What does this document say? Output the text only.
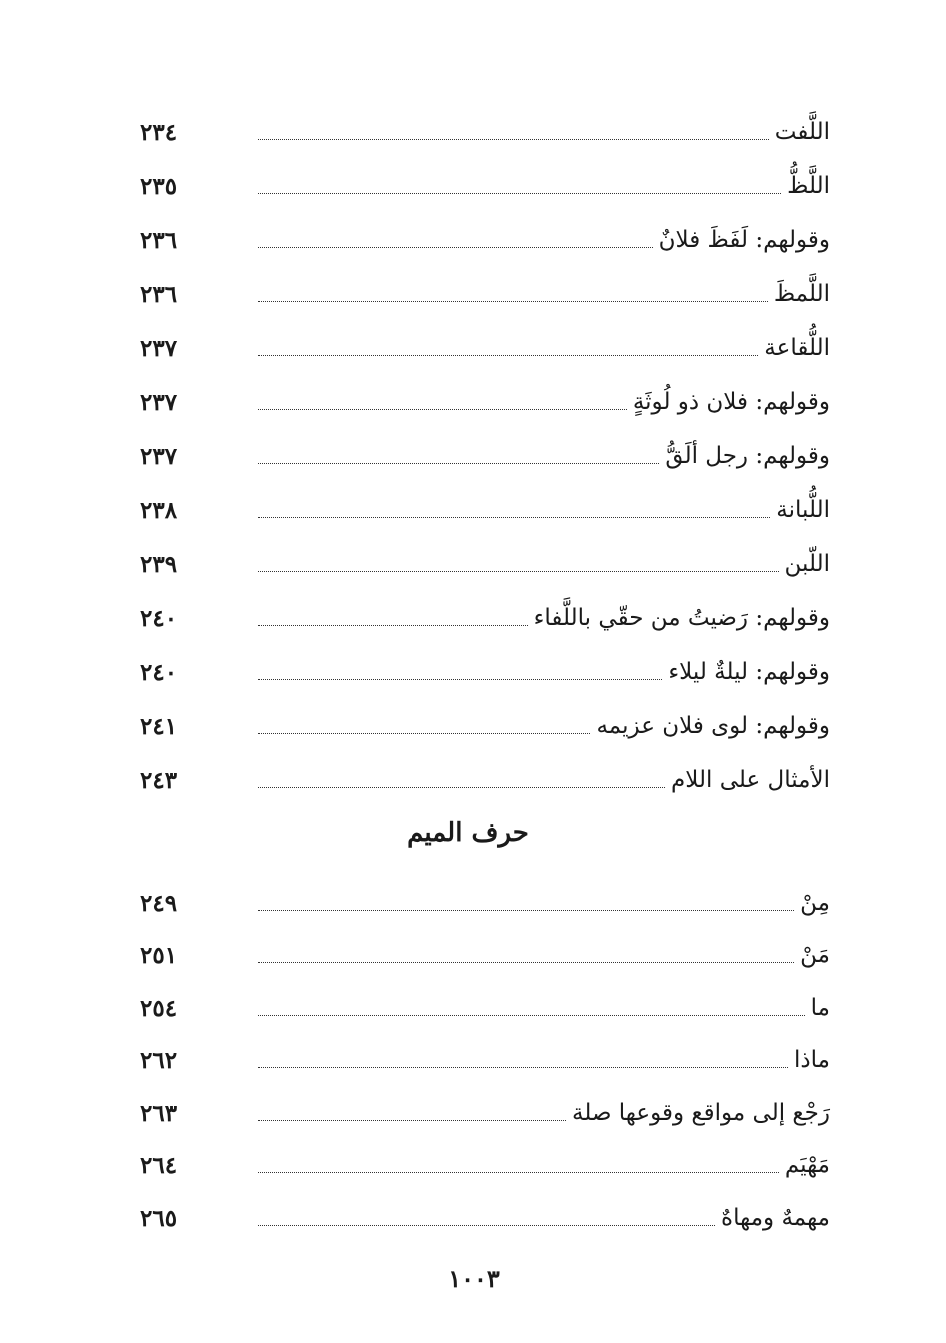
اللَّفت
٢٣٤
اللَّظُّ
٢٣٥
وقولهم: لَفَظَ فلانٌ
٢٣٦
اللَّمظَ
٢٣٦
اللُّقاعة
٢٣٧
وقولهم: فلان ذو لُوثَةٍ
٢٣٧
وقولهم: رجل ألَقُّ
٢٣٧
اللُّبانة
٢٣٨
اللّبن
٢٣٩
وقولهم: رَضيتُ من حقّي باللَّفاء
٢٤٠
وقولهم: ليلةٌ ليلاء
٢٤٠
وقولهم: لوى فلان عزيمه
٢٤١
الأمثال على اللام
٢٤٣
حرف الميم
مِنْ
٢٤٩
مَنْ
٢٥١
ما
٢٥٤
ماذا
٢٦٢
رَجْع إلى مواقع وقوعها صلة
٢٦٣
مَهْيَم
٢٦٤
مهمهٌ ومهاهٌ
٢٦٥
١٠٠٣
